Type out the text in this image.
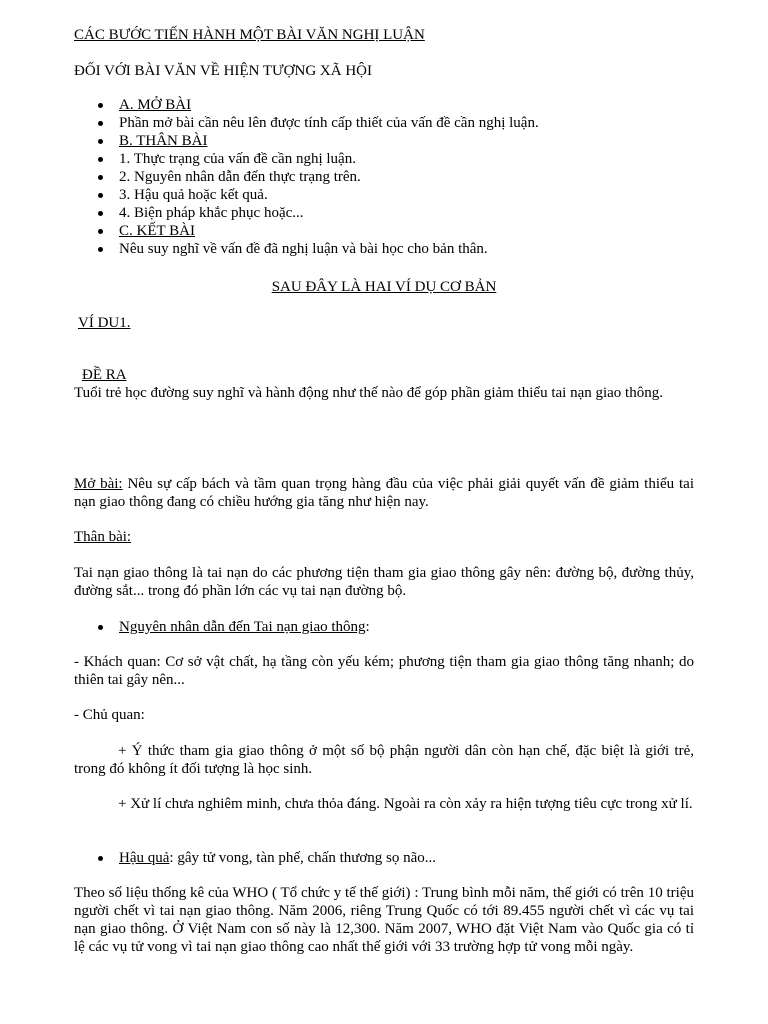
CÁC BƯỚC TIẾN HÀNH MỘT BÀI VĂN NGHỊ LUẬN
ĐỐI VỚI BÀI VĂN VỀ HIỆN TƯỢNG XÃ HỘI
A. MỞ BÀI
Phần mở bài cần nêu lên được tính cấp thiết của vấn đề cần nghị luận.
B. THÂN BÀI
1. Thực trạng của vấn đề cần nghị luận.
2. Nguyên nhân dẫn đến thực trạng trên.
3. Hậu quả hoặc kết quả.
4. Biện pháp khắc phục hoặc...
C. KẾT BÀI
Nêu suy nghĩ về vấn đề đã nghị luận và bài học cho bản thân.
SAU ĐÂY LÀ HAI VÍ DỤ CƠ BẢN
VÍ DU1.
ĐỀ RA
Tuổi trẻ học đường suy nghĩ và hành động như thế nào để góp phần giảm thiểu tai nạn giao thông.
Mở bài: Nêu sự cấp bách và tầm quan trọng hàng đầu của việc phải giải quyết vấn đề giảm thiểu tai nạn giao thông đang có chiều hướng gia tăng như hiện nay.
Thân bài:
Tai nạn giao thông là tai nạn do các phương tiện tham gia giao thông gây nên: đường bộ, đường thủy, đường sắt... trong đó phần lớn các vụ tai nạn đường bộ.
Nguyên nhân dẫn đến Tai nạn giao thông:
- Khách quan: Cơ sở vật chất, hạ tầng còn yếu kém; phương tiện tham gia giao thông tăng nhanh; do thiên tai gây nên...
- Chủ quan:
+ Ý thức tham gia giao thông ở một số bộ phận người dân còn hạn chế, đặc biệt là giới trẻ, trong đó không ít đối tượng là học sinh.
+ Xử lí chưa nghiêm minh, chưa thỏa đáng. Ngoài ra còn xảy ra hiện tượng tiêu cực trong xử lí.
Hậu quả: gây tử vong, tàn phế, chấn thương sọ não...
Theo số liệu thống kê của WHO ( Tổ chức y tế thế giới) : Trung bình mỗi năm, thế giới có trên 10 triệu người chết vì tai nạn giao thông. Năm 2006, riêng Trung Quốc có tới 89.455 người chết vì các vụ tai nạn giao thông. Ở Việt Nam con số này là 12,300. Năm 2007, WHO đặt Việt Nam vào Quốc gia có tỉ lệ các vụ tử vong vì tai nạn giao thông cao nhất thế giới với 33 trường hợp tử vong mỗi ngày.
